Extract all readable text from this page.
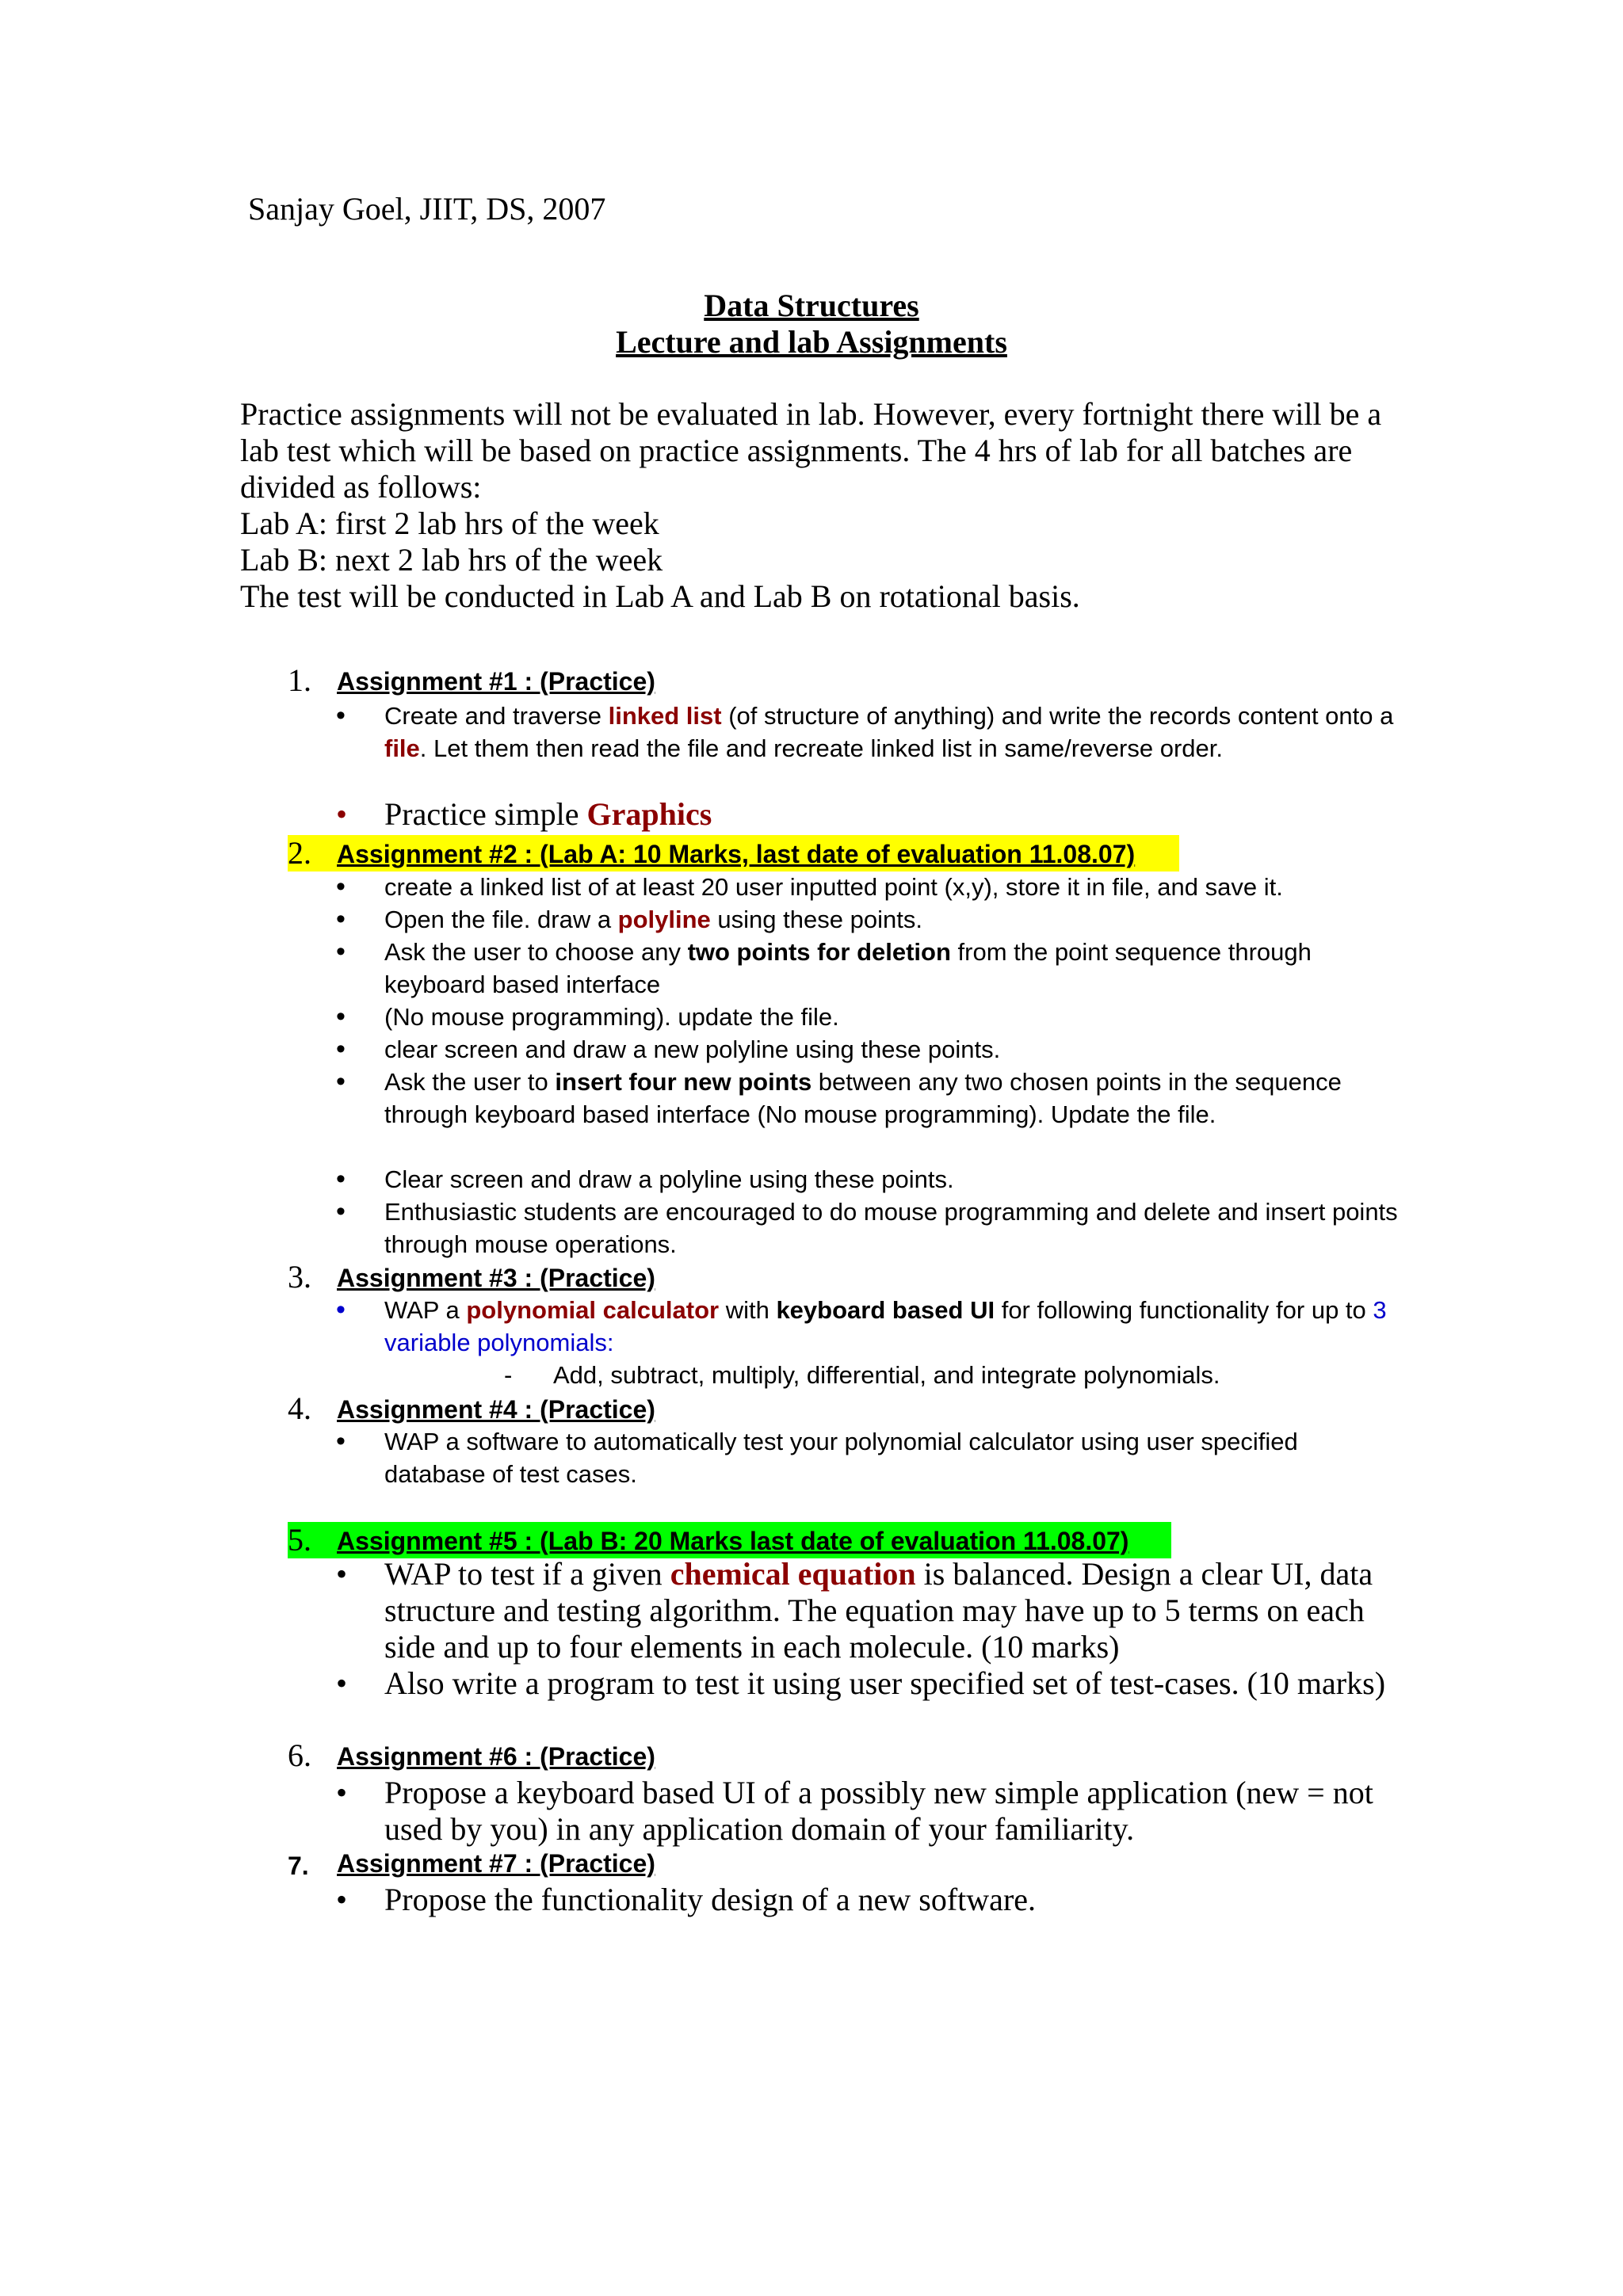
Sanjay Goel, JIIT, DS, 2007
Data Structures
Lecture and lab Assignments

Practice assignments will not be evaluated in lab. However, every fortnight there will be a lab test which will be based on practice assignments. The 4 hrs of lab for all batches are divided as follows:

Lab A: first 2 lab hrs of the week

Lab B: next 2 lab hrs of the week

The test will be conducted in Lab A and Lab B on rotational basis.

1. Assignment #1 : (Practice)
• Create and traverse linked list (of structure of anything) and write the records content onto a file. Let them then read the file and recreate linked list in same/reverse order.
• Practice simple Graphics
2. Assignment #2 : (Lab A: 10 Marks, last date of evaluation 11.08.07)
• create a linked list of at least 20 user inputted point (x,y), store it in file, and save it.
• Open the file. draw a polyline using these points.
• Ask the user to choose any two points for deletion from the point sequence through keyboard based interface
• (No mouse programming). update the file.
• clear screen and draw a new polyline using these points.
• Ask the user to insert four new points between any two chosen points in the sequence through keyboard based interface (No mouse programming). Update the file.
• Clear screen and draw a polyline using these points.
• Enthusiastic students are encouraged to do mouse programming and delete and insert points through mouse operations.
3. Assignment #3 : (Practice)
• WAP a polynomial calculator with keyboard based UI for following functionality for up to 3 variable polynomials:
- Add, subtract, multiply, differential, and integrate polynomials.
4. Assignment #4 : (Practice)
• WAP a software to automatically test your polynomial calculator using user specified database of test cases.
5. Assignment #5 : (Lab B: 20 Marks last date of evaluation 11.08.07)
• WAP to test if a given chemical equation is balanced. Design a clear UI, data structure and testing algorithm. The equation may have up to 5 terms on each side and up to four elements in each molecule. (10 marks)
• Also write a program to test it using user specified set of test-cases. (10 marks)
6. Assignment #6 : (Practice)
• Propose a keyboard based UI of a possibly new simple application (new = not used by you) in any application domain of your familiarity.
7. Assignment #7 : (Practice)
• Propose the functionality design of a new software.
